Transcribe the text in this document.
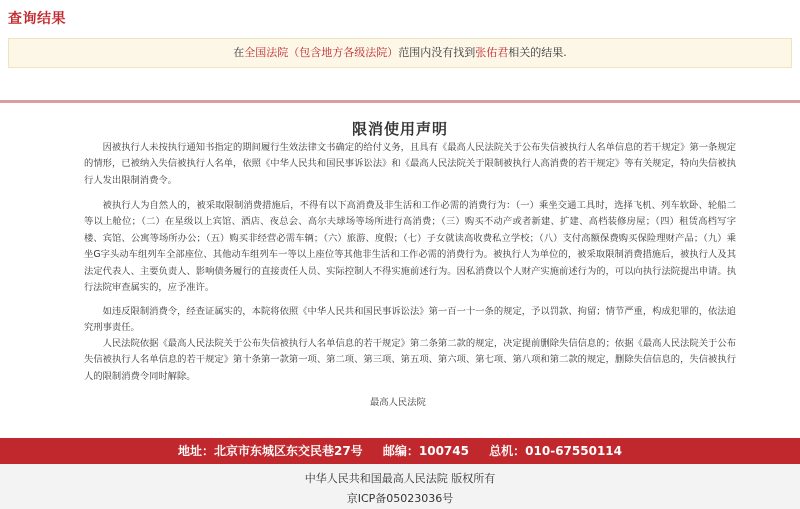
查询结果
在全国法院（包含地方各级法院）范围内没有找到张佑君相关的结果.
限消使用声明

因被执行人未按执行通知书指定的期间履行生效法律文书确定的给付义务，且具有《最高人民法院关于公布失信被执行人名单信息的若干规定》第一条规定的情形，已被纳入失信被执行人名单，依照《中华人民共和国民事诉讼法》和《最高人民法院关于限制被执行人高消费的若干规定》等有关规定，特向失信被执行人发出限制消费令。

被执行人为自然人的，被采取限制消费措施后，不得有以下高消费及非生活和工作必需的消费行为：（一）乘坐交通工具时，选择飞机、列车软卧、轮船二等以上舱位；（二）在星级以上宾馆、酒店、夜总会、高尔夫球场等场所进行高消费；（三）购买不动产或者新建、扩建、高档装修房屋；（四）租赁高档写字楼、宾馆、公寓等场所办公；（五）购买非经营必需车辆；（六）旅游、度假；（七）子女就读高收费私立学校；（八）支付高额保费购买保险理财产品；（九）乘坐G字头动车组列车全部座位、其他动车组列车一等以上座位等其他非生活和工作必需的消费行为。被执行人为单位的，被采取限制消费措施后，被执行人及其法定代表人、主要负责人、影响债务履行的直接责任人员、实际控制人不得实施前述行为。因私消费以个人财产实施前述行为的，可以向执行法院提出申请。执行法院审查属实的，应予准许。

如违反限制消费令，经查证属实的，本院将依照《中华人民共和国民事诉讼法》第一百一十一条的规定，予以罚款、拘留；情节严重，构成犯罪的，依法追究刑事责任。

人民法院依据《最高人民法院关于公布失信被执行人名单信息的若干规定》第二条第二款的规定，决定提前删除失信信息的；依据《最高人民法院关于公布失信被执行人名单信息的若干规定》第十条第一款第一项、第二项、第三项、第五项、第六项、第七项、第八项和第二款的规定，删除失信信息的，失信被执行人的限制消费令同时解除。

最高人民法院
地址：北京市东城区东交民巷27号 邮编：100745 总机：010-67550114
中华人民共和国最高人民法院 版权所有
京ICP备05023036号
